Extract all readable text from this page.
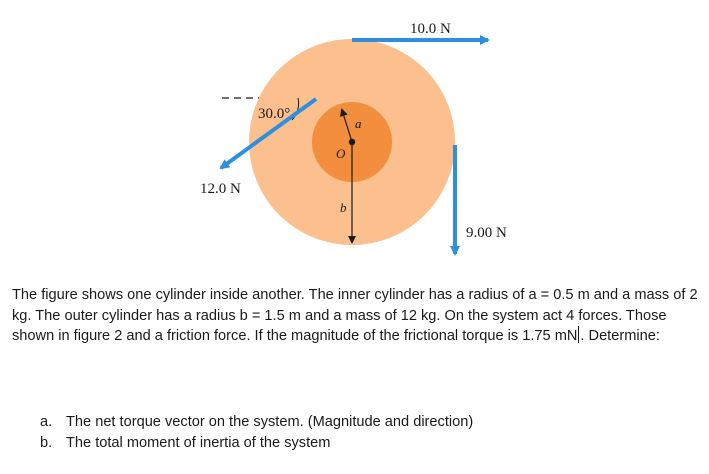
10.0 N
12.0 N
9.00 N
30.0°
a
b
O

The figure shows one cylinder inside another. The inner cylinder has a radius of a = 0.5 m and a mass of 2 kg. The outer cylinder has a radius b = 1.5 m and a mass of 12 kg. On the system act 4 forces. Those shown in figure 2 and a friction force. If the magnitude of the frictional torque is 1.75 mN . Determine:

a. The net torque vector on the system. (Magnitude and direction)
b. The total moment of inertia of the system
